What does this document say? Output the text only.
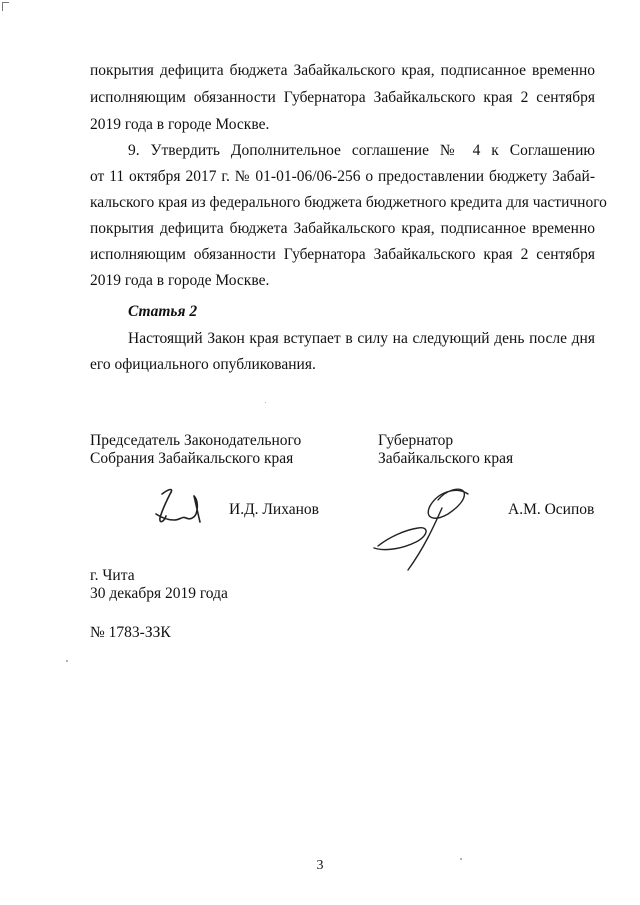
покрытия дефицита бюджета Забайкальского края, подписанное временно
исполняющим обязанности Губернатора Забайкальского края 2 сентября
2019 года в городе Москве.
9. Утвердить Дополнительное соглашение № 4 к Соглашению
от 11 октября 2017 г. № 01-01-06/06-256 о предоставлении бюджету Забай-
кальского края из федерального бюджета бюджетного кредита для частичного
покрытия дефицита бюджета Забайкальского края, подписанное временно
исполняющим обязанности Губернатора Забайкальского края 2 сентября
2019 года в городе Москве.
Статья 2
Настоящий Закон края вступает в силу на следующий день после дня
его официального опубликования.
Председатель Законодательного
Собрания Забайкальского края
Губернатор
Забайкальского края
И.Д. Лиханов	А.М. Осипов
г. Чита
30 декабря 2019 года
№ 1783-ЗЗК
3
